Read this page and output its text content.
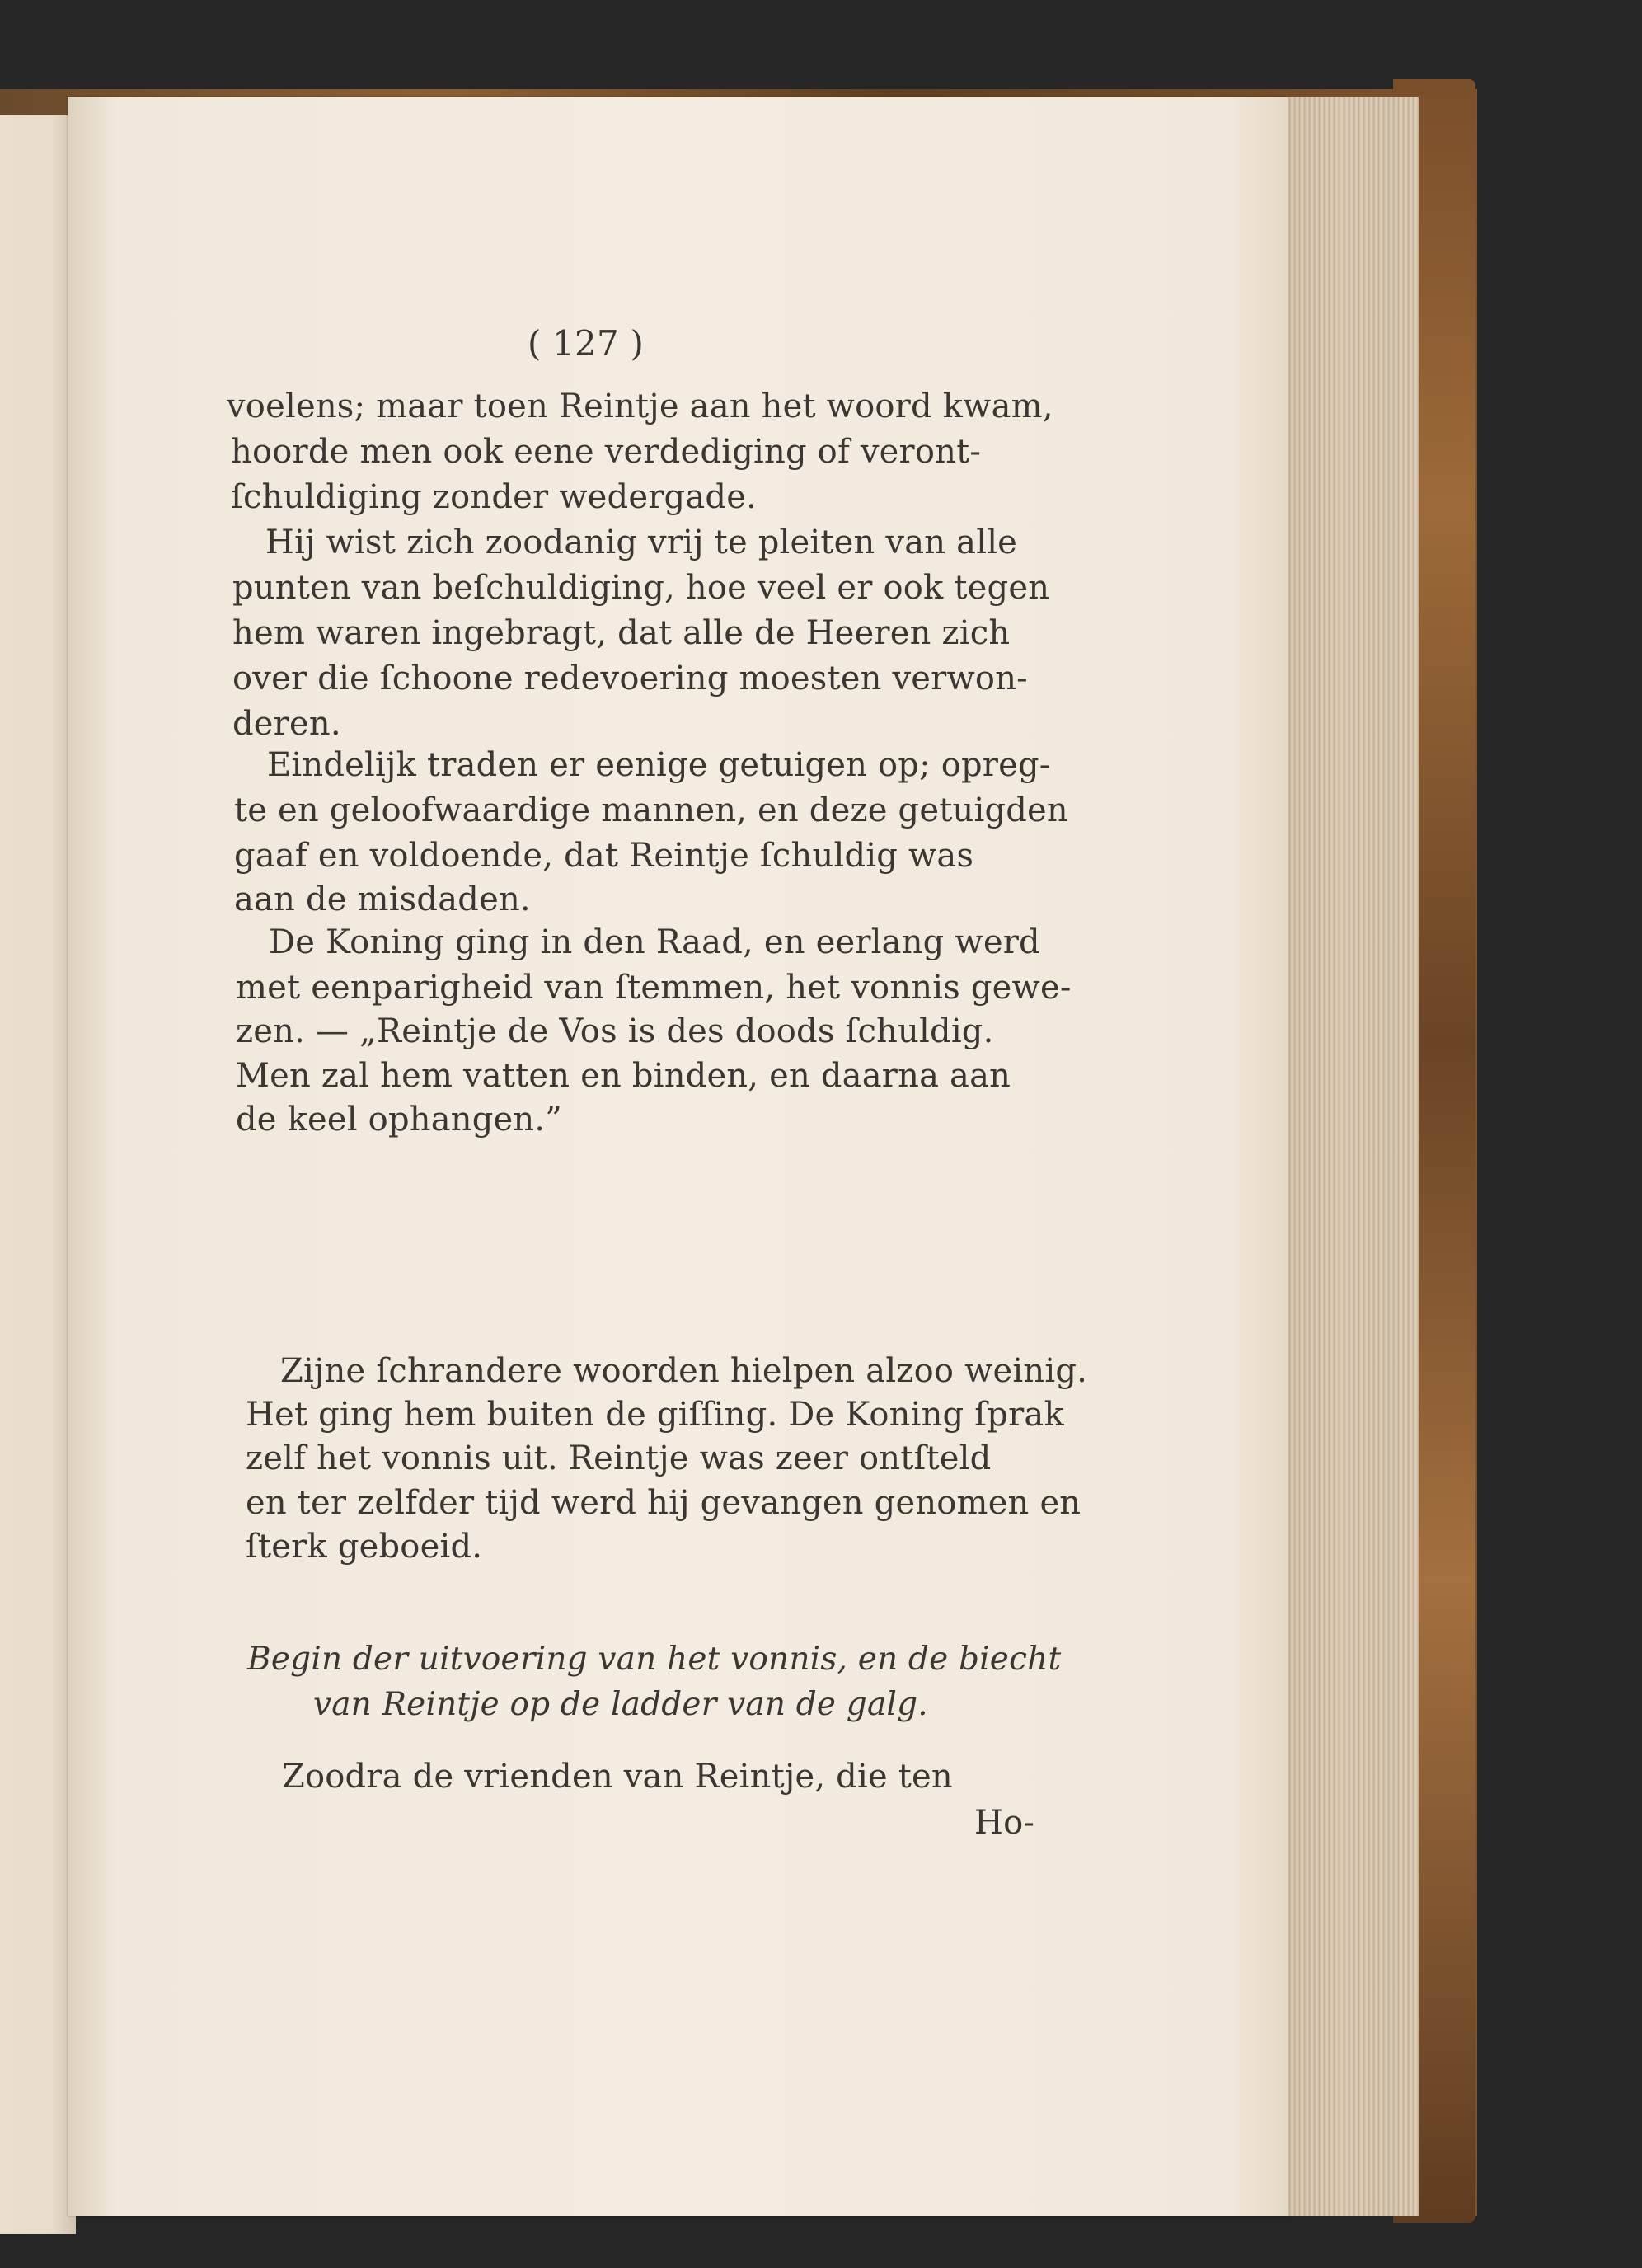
( 127 )
voelens; maar toen Reintje aan het woord kwam,
hoorde men ook eene verdediging of veront-
ſchuldiging zonder wedergade.
Hij wist zich zoodanig vrij te pleiten van alle
punten van beſchuldiging, hoe veel er ook tegen
hem waren ingebragt, dat alle de Heeren zich
over die ſchoone redevoering moesten verwon-
deren.
Eindelijk traden er eenige getuigen op; opreg-
te en geloofwaardige mannen, en deze getuigden
gaaf en voldoende, dat Reintje ſchuldig was
aan de misdaden.
De Koning ging in den Raad, en eerlang werd
met eenparigheid van ſtemmen, het vonnis gewe-
zen. — „Reintje de Vos is des doods ſchuldig.
Men zal hem vatten en binden, en daarna aan
de keel ophangen.”
Zijne ſchrandere woorden hielpen alzoo weinig.
Het ging hem buiten de giſſing. De Koning ſprak
zelf het vonnis uit. Reintje was zeer ontſteld
en ter zelfder tijd werd hij gevangen genomen en
ſterk geboeid.
Begin der uitvoering van het vonnis, en de biecht
van Reintje op de ladder van de galg.
Zoodra de vrienden van Reintje, die ten
Ho-
